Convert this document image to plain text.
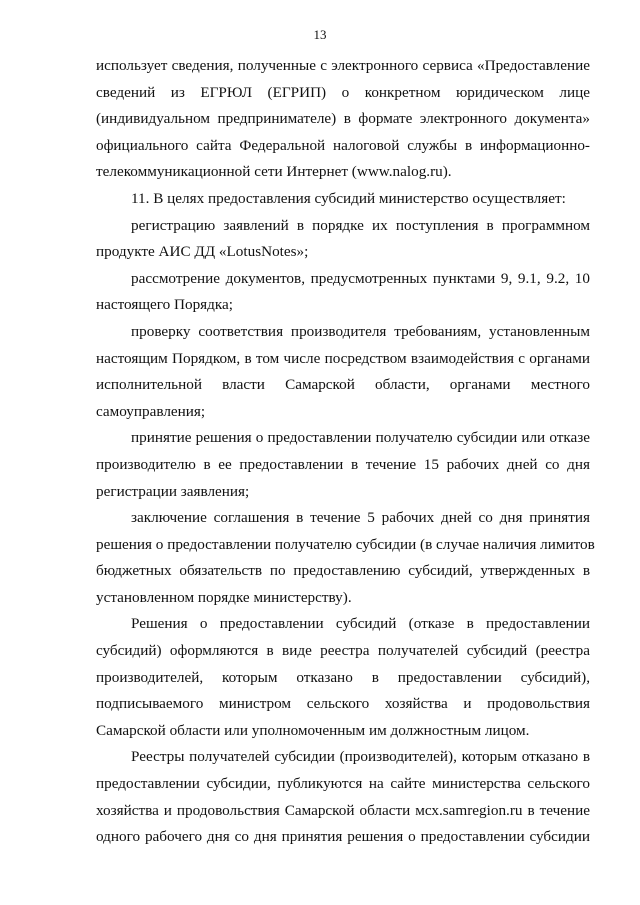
13
использует сведения, полученные с электронного сервиса «Предоставление
сведений из ЕГРЮЛ (ЕГРИП) о конкретном юридическом лице
(индивидуальном предпринимателе) в формате электронного документа»
официального сайта Федеральной налоговой службы в информационно-
телекоммуникационной сети Интернет (www.nalog.ru).
11. В целях предоставления субсидий министерство осуществляет:
регистрацию заявлений в порядке их поступления в программном
продукте АИС ДД «LotusNotes»;
рассмотрение документов, предусмотренных пунктами 9, 9.1, 9.2, 10
настоящего Порядка;
проверку соответствия производителя требованиям, установленным
настоящим Порядком, в том числе посредством взаимодействия с органами
исполнительной власти Самарской области, органами местного
самоуправления;
принятие решения о предоставлении получателю субсидии или отказе
производителю в ее предоставлении в течение 15 рабочих дней со дня
регистрации заявления;
заключение соглашения в течение 5 рабочих дней со дня принятия
решения о предоставлении получателю субсидии (в случае наличия лимитов
бюджетных обязательств по предоставлению субсидий, утвержденных в
установленном порядке министерству).
Решения о предоставлении субсидий (отказе в предоставлении
субсидий) оформляются в виде реестра получателей субсидий (реестра
производителей, которым отказано в предоставлении субсидий),
подписываемого министром сельского хозяйства и продовольствия
Самарской области или уполномоченным им должностным лицом.
Реестры получателей субсидии (производителей), которым отказано в
предоставлении субсидии, публикуются на сайте министерства сельского
хозяйства и продовольствия Самарской области мсх.samregion.ru в течение
одного рабочего дня со дня принятия решения о предоставлении субсидии
